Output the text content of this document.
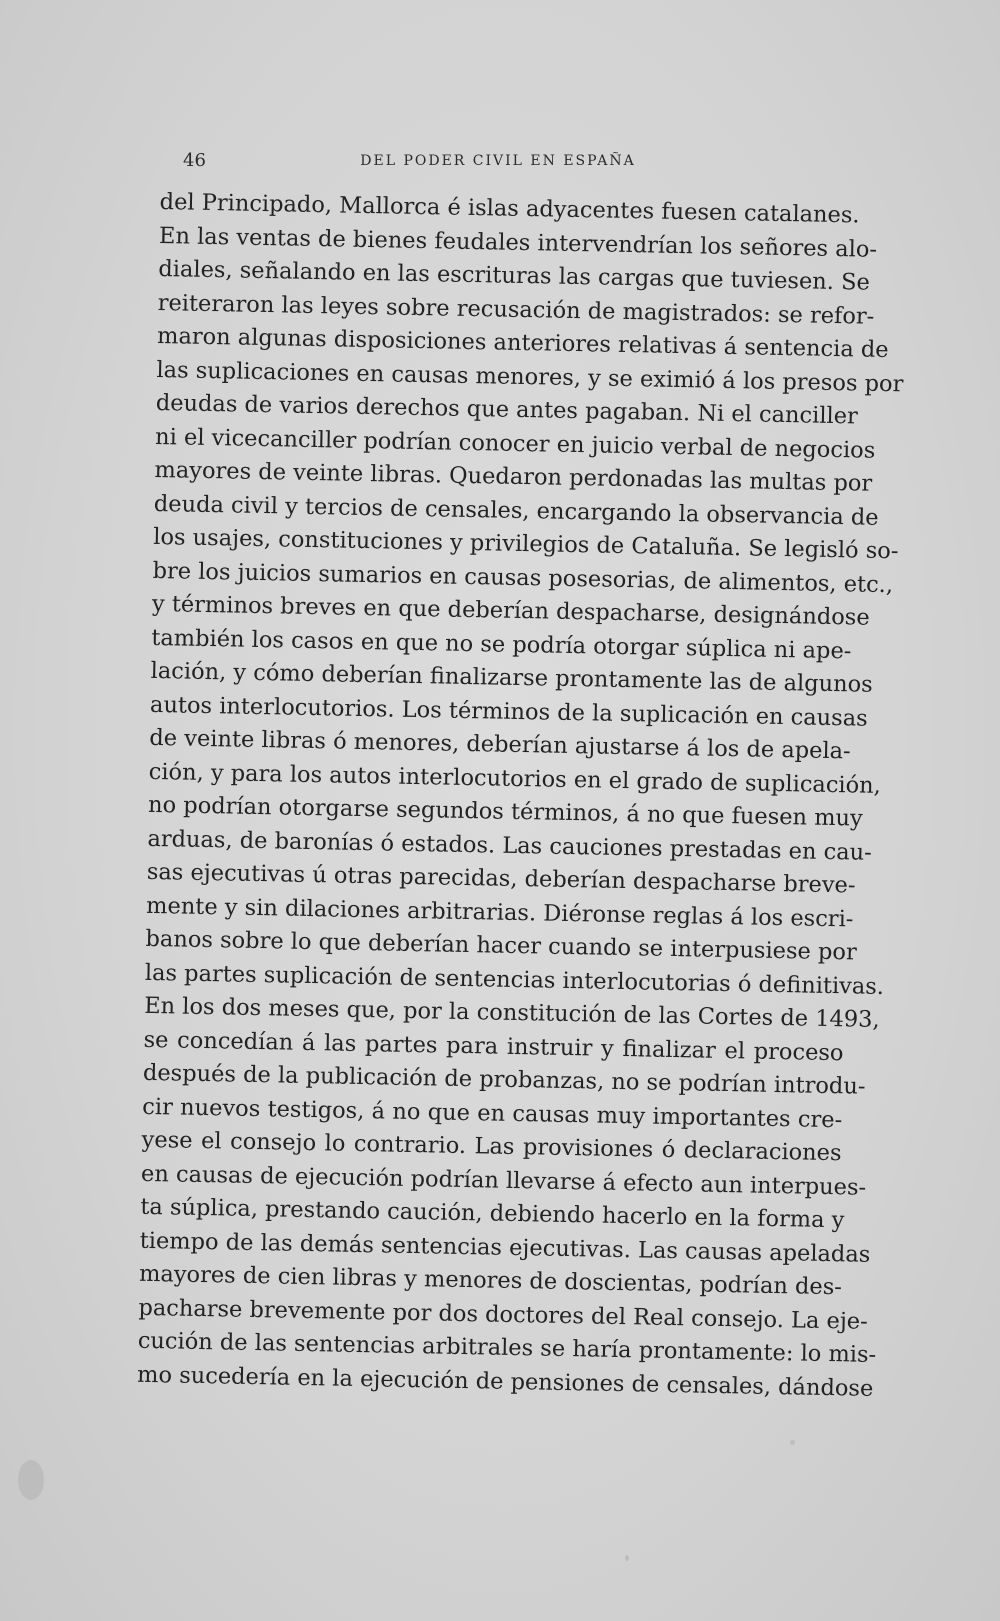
46	DEL PODER CIVIL EN ESPAÑA
del Principado, Mallorca é islas adyacentes fuesen catalanes.
En las ventas de bienes feudales intervendrían los señores alo-
diales, señalando en las escrituras las cargas que tuviesen. Se
reiteraron las leyes sobre recusación de magistrados: se refor-
maron algunas disposiciones anteriores relativas á sentencia de
las suplicaciones en causas menores, y se eximió á los presos por
deudas de varios derechos que antes pagaban. Ni el canciller
ni el vicecanciller podrían conocer en juicio verbal de negocios
mayores de veinte libras. Quedaron perdonadas las multas por
deuda civil y tercios de censales, encargando la observancia de
los usajes, constituciones y privilegios de Cataluña. Se legisló so-
bre los juicios sumarios en causas posesorias, de alimentos, etc.,
y términos breves en que deberían despacharse, designándose
también los casos en que no se podría otorgar súplica ni ape-
lación, y cómo deberían finalizarse prontamente las de algunos
autos interlocutorios. Los términos de la suplicación en causas
de veinte libras ó menores, deberían ajustarse á los de apela-
ción, y para los autos interlocutorios en el grado de suplicación,
no podrían otorgarse segundos términos, á no que fuesen muy
arduas, de baronías ó estados. Las cauciones prestadas en cau-
sas ejecutivas ú otras parecidas, deberían despacharse breve-
mente y sin dilaciones arbitrarias. Diéronse reglas á los escri-
banos sobre lo que deberían hacer cuando se interpusiese por
las partes suplicación de sentencias interlocutorias ó definitivas.
En los dos meses que, por la constitución de las Cortes de 1493,
se concedían á las partes para instruir y finalizar el proceso
después de la publicación de probanzas, no se podrían introdu-
cir nuevos testigos, á no que en causas muy importantes cre-
yese el consejo lo contrario. Las provisiones ó declaraciones
en causas de ejecución podrían llevarse á efecto aun interpues-
ta súplica, prestando caución, debiendo hacerlo en la forma y
tiempo de las demás sentencias ejecutivas. Las causas apeladas
mayores de cien libras y menores de doscientas, podrían des-
pacharse brevemente por dos doctores del Real consejo. La eje-
cución de las sentencias arbitrales se haría prontamente: lo mis-
mo sucedería en la ejecución de pensiones de censales, dándose
